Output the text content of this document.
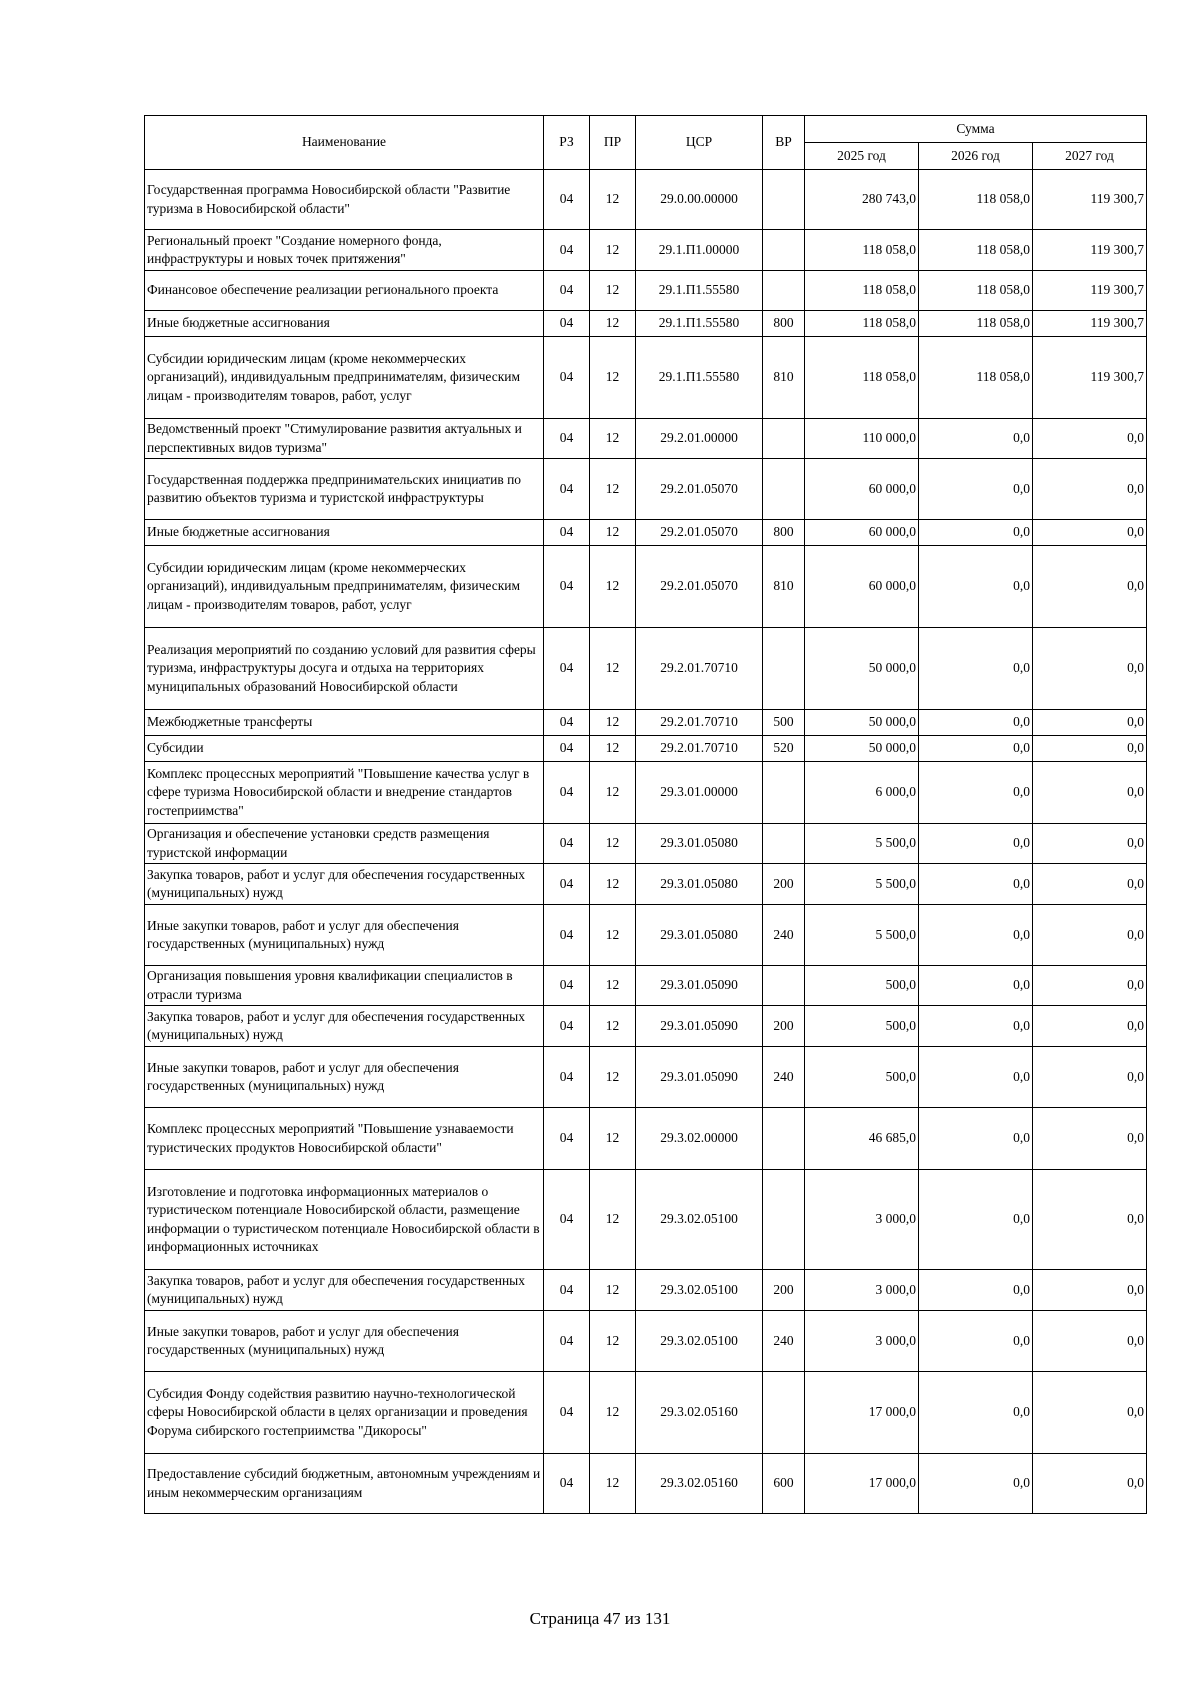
Наименование	РЗ	ПР	ЦСР	ВР	Сумма		
					2025 год	2026 год	2027 год
Государственная программа Новосибирской области "Развитие туризма в Новосибирской области"	04	12	29.0.00.00000		280 743,0	118 058,0	119 300,7
Региональный проект "Создание номерного фонда, инфраструктуры и новых точек притяжения"	04	12	29.1.П1.00000		118 058,0	118 058,0	119 300,7
Финансовое обеспечение реализации регионального проекта	04	12	29.1.П1.55580		118 058,0	118 058,0	119 300,7
Иные бюджетные ассигнования	04	12	29.1.П1.55580	800	118 058,0	118 058,0	119 300,7
Субсидии юридическим лицам (кроме некоммерческих организаций), индивидуальным предпринимателям, физическим лицам - производителям товаров, работ, услуг	04	12	29.1.П1.55580	810	118 058,0	118 058,0	119 300,7
Ведомственный проект "Стимулирование развития актуальных и перспективных видов туризма"	04	12	29.2.01.00000		110 000,0	0,0	0,0
Государственная поддержка предпринимательских инициатив по развитию объектов туризма и туристской инфраструктуры	04	12	29.2.01.05070		60 000,0	0,0	0,0
Иные бюджетные ассигнования	04	12	29.2.01.05070	800	60 000,0	0,0	0,0
Субсидии юридическим лицам (кроме некоммерческих организаций), индивидуальным предпринимателям, физическим лицам - производителям товаров, работ, услуг	04	12	29.2.01.05070	810	60 000,0	0,0	0,0
Реализация мероприятий по созданию условий для развития сферы туризма, инфраструктуры досуга и отдыха на территориях муниципальных образований Новосибирской области	04	12	29.2.01.70710		50 000,0	0,0	0,0
Межбюджетные трансферты	04	12	29.2.01.70710	500	50 000,0	0,0	0,0
Субсидии	04	12	29.2.01.70710	520	50 000,0	0,0	0,0
Комплекс процессных мероприятий "Повышение качества услуг в сфере туризма Новосибирской области и внедрение стандартов гостеприимства"	04	12	29.3.01.00000		6 000,0	0,0	0,0
Организация и обеспечение установки средств размещения туристской информации	04	12	29.3.01.05080		5 500,0	0,0	0,0
Закупка товаров, работ и услуг для обеспечения государственных (муниципальных) нужд	04	12	29.3.01.05080	200	5 500,0	0,0	0,0
Иные закупки товаров, работ и услуг для обеспечения государственных (муниципальных) нужд	04	12	29.3.01.05080	240	5 500,0	0,0	0,0
Организация повышения уровня квалификации специалистов в отрасли туризма	04	12	29.3.01.05090		500,0	0,0	0,0
Закупка товаров, работ и услуг для обеспечения государственных (муниципальных) нужд	04	12	29.3.01.05090	200	500,0	0,0	0,0
Иные закупки товаров, работ и услуг для обеспечения государственных (муниципальных) нужд	04	12	29.3.01.05090	240	500,0	0,0	0,0
Комплекс процессных мероприятий "Повышение узнаваемости туристических продуктов Новосибирской области"	04	12	29.3.02.00000		46 685,0	0,0	0,0
Изготовление и подготовка информационных материалов о туристическом потенциале Новосибирской области, размещение информации о туристическом потенциале Новосибирской области в информационных источниках	04	12	29.3.02.05100		3 000,0	0,0	0,0
Закупка товаров, работ и услуг для обеспечения государственных (муниципальных) нужд	04	12	29.3.02.05100	200	3 000,0	0,0	0,0
Иные закупки товаров, работ и услуг для обеспечения государственных (муниципальных) нужд	04	12	29.3.02.05100	240	3 000,0	0,0	0,0
Субсидия Фонду содействия развитию научно-технологической сферы Новосибирской области в целях организации и проведения Форума сибирского гостеприимства "Дикоросы"	04	12	29.3.02.05160		17 000,0	0,0	0,0
Предоставление субсидий бюджетным, автономным учреждениям и иным некоммерческим организациям	04	12	29.3.02.05160	600	17 000,0	0,0	0,0
Страница 47 из 131
